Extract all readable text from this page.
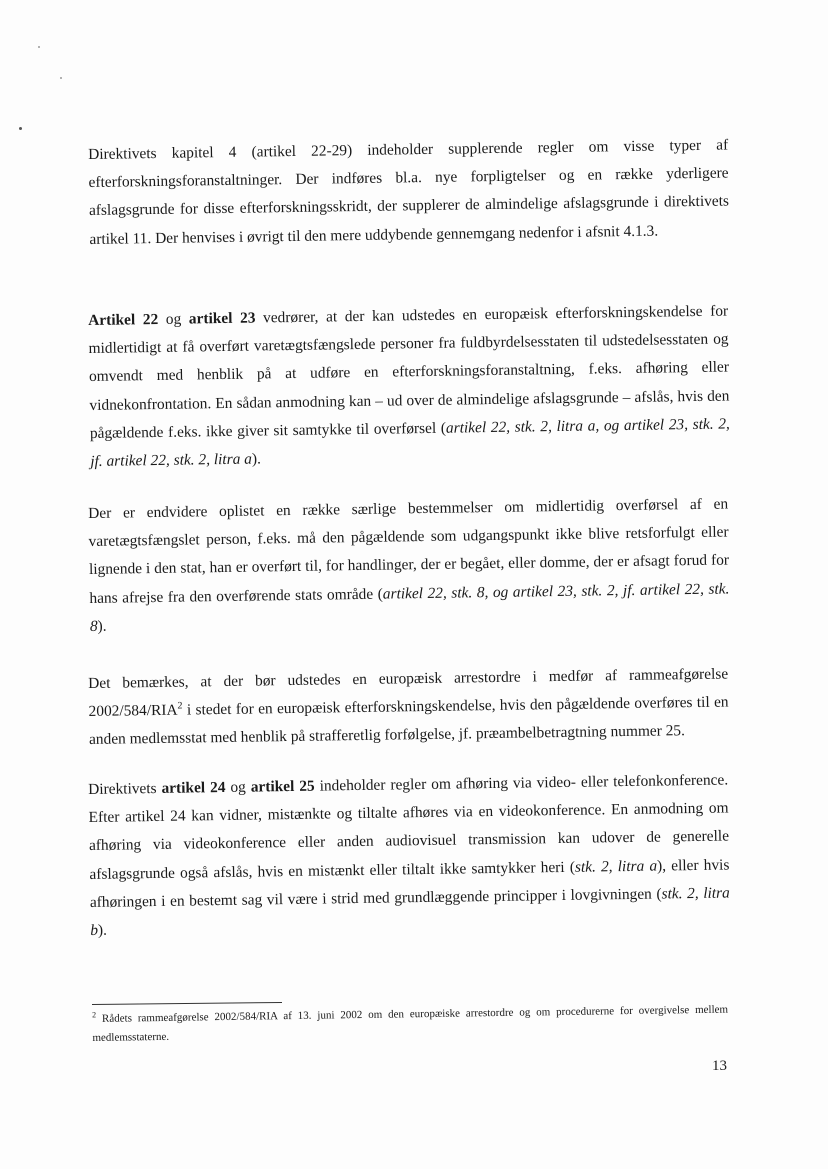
Direktivets kapitel 4 (artikel 22-29) indeholder supplerende regler om visse typer af efterforskningsforanstaltninger. Der indføres bl.a. nye forpligtelser og en række yderligere afslagsgrunde for disse efterforskningsskridt, der supplerer de almindelige afslagsgrunde i direktivets artikel 11. Der henvises i øvrigt til den mere uddybende gennemgang nedenfor i afsnit 4.1.3.
Artikel 22 og artikel 23 vedrører, at der kan udstedes en europæisk efterforskningskendelse for midlertidigt at få overført varetægtsfængslede personer fra fuldbyrdelsesstaten til udstedelsesstaten og omvendt med henblik på at udføre en efterforskningsforanstaltning, f.eks. afhøring eller vidnekonfrontation. En sådan anmodning kan – ud over de almindelige afslagsgrunde – afslås, hvis den pågældende f.eks. ikke giver sit samtykke til overførsel (artikel 22, stk. 2, litra a, og artikel 23, stk. 2, jf. artikel 22, stk. 2, litra a).
Der er endvidere oplistet en række særlige bestemmelser om midlertidig overførsel af en varetægtsfængslet person, f.eks. må den pågældende som udgangspunkt ikke blive retsforfulgt eller lignende i den stat, han er overført til, for handlinger, der er begået, eller domme, der er afsagt forud for hans afrejse fra den overførende stats område (artikel 22, stk. 8, og artikel 23, stk. 2, jf. artikel 22, stk. 8).
Det bemærkes, at der bør udstedes en europæisk arrestordre i medfør af rammeafgørelse 2002/584/RIA$^2$ i stedet for en europæisk efterforskningskendelse, hvis den pågældende overføres til en anden medlemsstat med henblik på strafferetlig forfølgelse, jf. præambelbetragtning nummer 25.
Direktivets artikel 24 og artikel 25 indeholder regler om afhøring via video- eller telefonkonference. Efter artikel 24 kan vidner, mistænkte og tiltalte afhøres via en videokonference. En anmodning om afhøring via videokonference eller anden audiovisuel transmission kan udover de generelle afslagsgrunde også afslås, hvis en mistænkt eller tiltalt ikke samtykker heri (stk. 2, litra a), eller hvis afhøringen i en bestemt sag vil være i strid med grundlæggende principper i lovgivningen (stk. 2, litra b).
$^2$ Rådets rammeafgørelse 2002/584/RIA af 13. juni 2002 om den europæiske arrestordre og om procedurerne for overgivelse mellem medlemsstaterne.
13
